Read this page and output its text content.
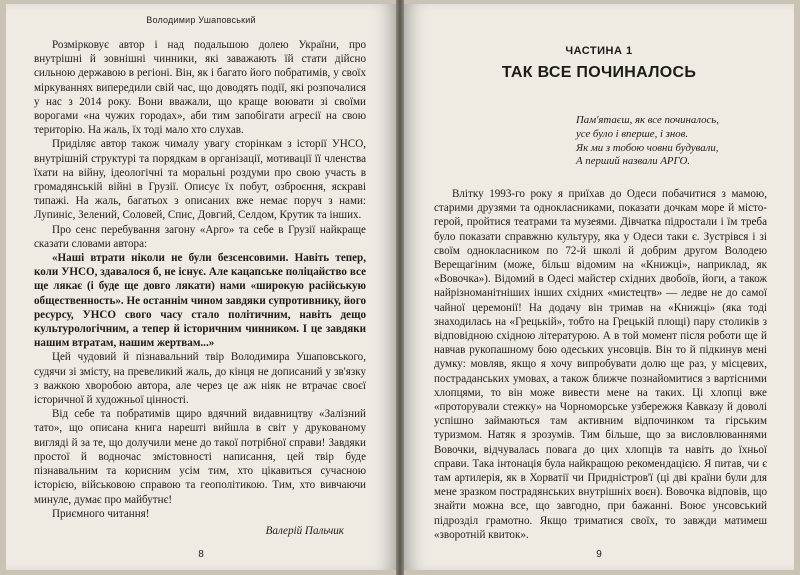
Володимир Ушаповський

Розмірковує автор і над подальшою долею України, про внутрішні й зовнішні чинники, які заважають їй стати дійсно сильною державою в регіоні. Він, як і багато його побратимів, у своїх міркуваннях випередили свій час, що доводять події, які розпочалися у нас з 2014 року. Вони вважали, що краще воювати зі своїми ворогами «на чужих городах», аби тим запобігати агресії на свою територію. На жаль, їх тоді мало хто слухав.

Приділяє автор також чималу увагу сторінкам з історії УНСО, внутрішній структурі та порядкам в організації, мотивації її членства їхати на війну, ідеологічні та моральні роздуми про свою участь в громадянській війні в Грузії. Описує їх побут, озброєння, яскраві типажі. На жаль, багатьох з описаних вже немає поруч з нами: Лупиніс, Зелений, Соловей, Спис, Довгий, Селдом, Крутик та інших.

Про сенс перебування загону «Арго» та себе в Грузії найкраще сказати словами автора:

«Наші втрати ніколи не були безсенсовими. Навіть тепер, коли УНСО, здавалося б, не існує. Але кацапське поліцайство все ще лякає (і буде ще довго лякати) нами «широкую расійськую общественность». Не останнім чином завдяки супротивнику, його ресурсу, УНСО свого часу стало політичним, навіть дещо культурологічним, а тепер й історичним чинником. І це завдяки нашим втратам, нашим жертвам...»

Цей чудовий й пізнавальний твір Володимира Ушаповського, судячи зі змісту, на превеликий жаль, до кінця не дописаний у зв'язку з важкою хворобою автора, але через це аж ніяк не втрачає своєї історичної й художньої цінності.

Від себе та побратимів щиро вдячний видавництву «Залізний тато», що описана книга нарешті вийшла в світ у друкованому вигляді й за те, що долучили мене до такої потрібної справи! Завдяки простої й водночас змістовності написання, цей твір буде пізнавальним та корисним усім тим, хто цікавиться сучасною історією, військовою справою та геополітикою. Тим, хто вивчаючи минуле, думає про майбутнє!

Приємного читання!

Валерій Пальчик
8
ЧАСТИНА 1
ТАК ВСЕ ПОЧИНАЛОСЬ
Пам'ятаєш, як все починалось,
усе було і вперше, і знов.
Як ми з тобою човни будували,
А перший назвали АРГО.

Влітку 1993-го року я приїхав до Одеси побачитися з мамою, старими друзями та однокласниками, показати дочкам море й місто-герой, пройтися театрами та музеями. Дівчатка підростали і їм треба було показати справжню культуру, яка у Одеси таки є. Зустрівся і зі своїм однокласником по 72-й школі й добрим другом Володею Верещагіним (може, більш відомим на «Книжці», наприклад, як «Вовочка»). Відомий в Одесі майстер східних двобоїв, йоги, а також найрізноманітніших інших східних «мистецтв» — ледве не до самої чайної церемонії! На додачу він тримав на «Книжці» (яка тоді знаходилась на «Грецькій», тобто на Грецькій площі) пару столиків з відповідною східною літературою. А в той момент після роботи ще й навчав рукопашному бою одеських унсовців. Він то й підкинув мені думку: мовляв, якщо я хочу випробувати долю ще раз, у місцевих, постраданських умовах, а також ближче познайомитися з вартісними хлопцями, то він може вивести мене на таких. Ці хлопці вже «проторували стежку» на Чорноморське узбережжя Кавказу й доволі успішно займаються там активним відпочинком та гірським туризмом. Натяк я зрозумів. Тим більше, що за висловлюваннями Вовочки, відчувалась повага до цих хлопців та навіть до їхньої справи. Така інтонація була найкращою рекомендацією. Я питав, чи є там артилерія, як в Хорватії чи Придністров'ї (ці дві країни були для мене зразком пострадянських внутрішніх воєн). Вовочка відповів, що знайти можна все, що завгодно, при бажанні. Воює унсовський підрозділ грамотно. Якщо триматися своїх, то завжди матимеш «зворотній квиток».

9
